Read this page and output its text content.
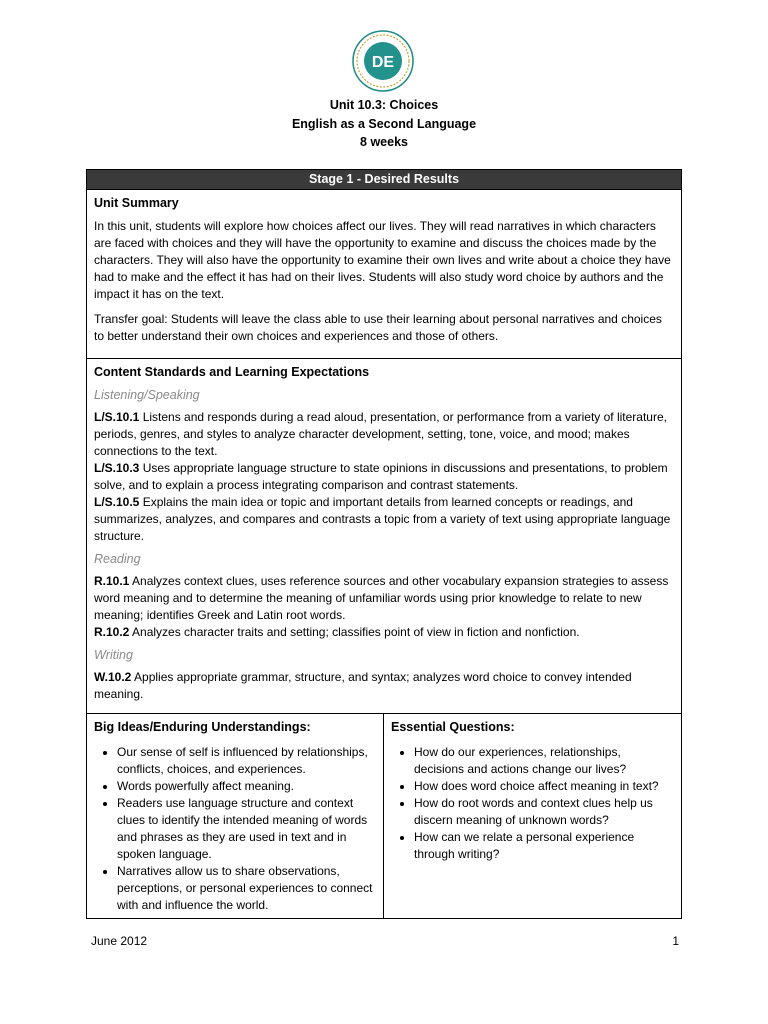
DE
Unit 10.3: Choices
English as a Second Language
8 weeks
Stage 1 - Desired Results
Unit Summary

In this unit, students will explore how choices affect our lives. They will read narratives in which characters are faced with choices and they will have the opportunity to examine and discuss the choices made by the characters. They will also have the opportunity to examine their own lives and write about a choice they have had to make and the effect it has had on their lives. Students will also study word choice by authors and the impact it has on the text.

Transfer goal: Students will leave the class able to use their learning about personal narratives and choices to better understand their own choices and experiences and those of others.

Content Standards and Learning Expectations
Listening/Speaking
L/S.10.1 Listens and responds during a read aloud, presentation, or performance from a variety of literature, periods, genres, and styles to analyze character development, setting, tone, voice, and mood; makes connections to the text.
L/S.10.3 Uses appropriate language structure to state opinions in discussions and presentations, to problem solve, and to explain a process integrating comparison and contrast statements.
L/S.10.5 Explains the main idea or topic and important details from learned concepts or readings, and summarizes, analyzes, and compares and contrasts a topic from a variety of text using appropriate language structure.
Reading
R.10.1 Analyzes context clues, uses reference sources and other vocabulary expansion strategies to assess word meaning and to determine the meaning of unfamiliar words using prior knowledge to relate to new meaning; identifies Greek and Latin root words.
R.10.2 Analyzes character traits and setting; classifies point of view in fiction and nonfiction.
Writing
W.10.2 Applies appropriate grammar, structure, and syntax; analyzes word choice to convey intended meaning.
Big Ideas/Enduring Understandings:
• Our sense of self is influenced by relationships, conflicts, choices, and experiences.
• Words powerfully affect meaning.
• Readers use language structure and context clues to identify the intended meaning of words and phrases as they are used in text and in spoken language.
• Narratives allow us to share observations, perceptions, or personal experiences to connect with and influence the world.
Essential Questions:
• How do our experiences, relationships, decisions and actions change our lives?
• How does word choice affect meaning in text?
• How do root words and context clues help us discern meaning of unknown words?
• How can we relate a personal experience through writing?
June 2012	1
